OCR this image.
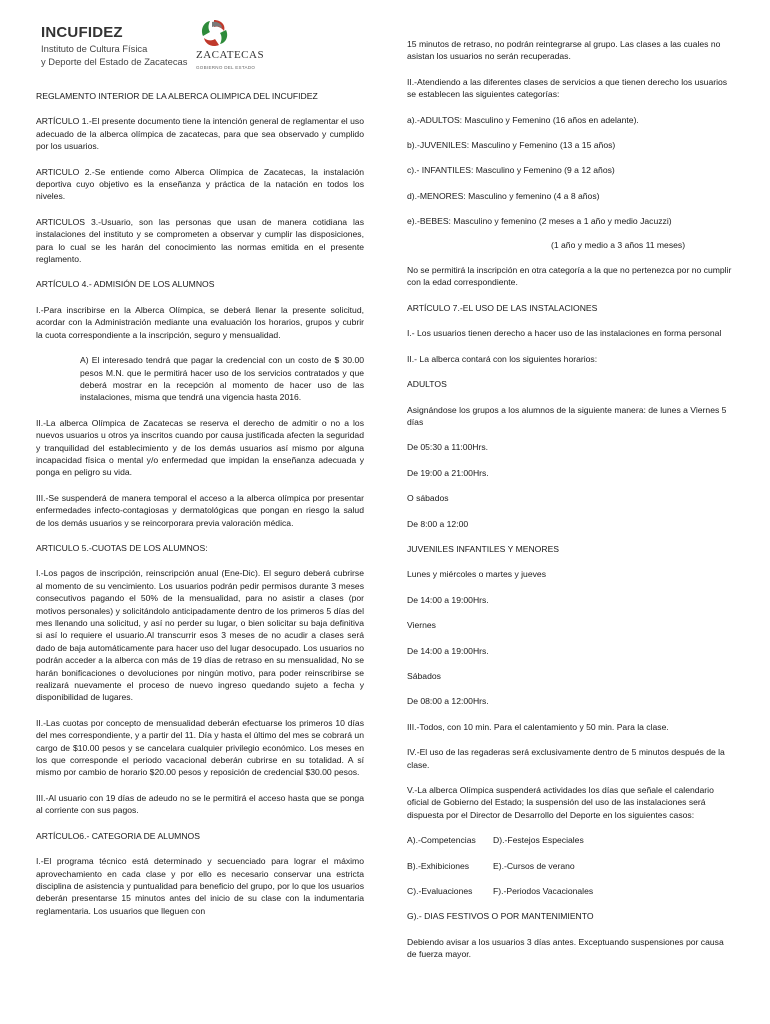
INCUFIDEZ
Instituto de Cultura Física
y Deporte del Estado de Zacatecas
ZACATECAS
GOBIERNO DEL ESTADO

REGLAMENTO INTERIOR DE LA ALBERCA OLIMPICA DEL INCUFIDEZ

ARTÍCULO 1.-El presente documento tiene la intención general de reglamentar el uso adecuado de la alberca olímpica de zacatecas, para que sea observado y cumplido por los usuarios.

ARTICULO 2.-Se entiende como Alberca Olímpica de Zacatecas, la instalación deportiva cuyo objetivo es la enseñanza y práctica de la natación en todos los niveles.

ARTICULOS 3.-Usuario, son las personas que usan de manera cotidiana las instalaciones del instituto y se comprometen a observar y cumplir las disposiciones, para lo cual se les harán del conocimiento las normas emitida en el presente reglamento.

ARTÍCULO 4.- ADMISIÓN DE LOS ALUMNOS

I.-Para inscribirse en la Alberca Olímpica, se deberá llenar la presente solicitud, acordar con la Administración mediante una evaluación los horarios, grupos y cubrir la cuota correspondiente a la inscripción, seguro y mensualidad.

A) El interesado tendrá que pagar la credencial con un costo de $ 30.00 pesos M.N. que le permitirá hacer uso de los servicios contratados y que deberá mostrar en la recepción al momento de hacer uso de las instalaciones, misma que tendrá una vigencia hasta 2016.

II.-La alberca Olímpica de Zacatecas se reserva el derecho de admitir o no a los nuevos usuarios u otros ya inscritos cuando por causa justificada afecten la seguridad y tranquilidad del establecimiento y de los demás usuarios así mismo por alguna incapacidad física o mental y/o enfermedad que impidan la enseñanza adecuada y ponga en peligro su vida.

III.-Se suspenderá de manera temporal el acceso a la alberca olímpica por presentar enfermedades infecto-contagiosas y dermatológicas que pongan en riesgo la salud de los demás usuarios y se reincorporara previa valoración médica.

ARTICULO 5.-CUOTAS DE LOS ALUMNOS:

I.-Los pagos de inscripción, reinscripción anual (Ene-Dic). El seguro deberá cubrirse al momento de su vencimiento. Los usuarios podrán pedir permisos durante 3 meses consecutivos pagando el 50% de la mensualidad, para no asistir a clases (por motivos personales) y solicitándolo anticipadamente dentro de los primeros 5 días del mes llenando una solicitud, y así no perder su lugar, o bien solicitar su baja definitiva si así lo requiere el usuario.Al transcurrir esos 3 meses de no acudir a clases será dado de baja automáticamente para hacer uso del lugar desocupado. Los usuarios no podrán acceder a la alberca con más de 19 días de retraso en su mensualidad, No se harán bonificaciones o devoluciones por ningún motivo, para poder reinscribirse se realizará nuevamente el proceso de nuevo ingreso quedando sujeto a fecha y disponibilidad de lugares.

II.-Las cuotas por concepto de mensualidad deberán efectuarse los primeros 10 días del mes correspondiente, y a partir del 11. Día y hasta el último del mes se cobrará un cargo de $10.00 pesos y se cancelara cualquier privilegio económico. Los meses en los que corresponde el periodo vacacional deberán cubrirse en su totalidad. A sí mismo por cambio de horario $20.00 pesos y reposición de credencial $30.00 pesos.

III.-Al usuario con 19 días de adeudo no se le permitirá el acceso hasta que se ponga al corriente con sus pagos.

ARTÍCULO6.- CATEGORIA DE ALUMNOS

I.-El programa técnico está determinado y secuenciado para lograr el máximo aprovechamiento en cada clase y por ello es necesario conservar una estricta disciplina de asistencia y puntualidad para beneficio del grupo, por lo que los usuarios deberán presentarse 15 minutos antes del inicio de su clase con la indumentaria reglamentaria. Los usuarios que lleguen con

15 minutos de retraso, no podrán reintegrarse al grupo. Las clases a las cuales no asistan los usuarios no serán recuperadas.

II.-Atendiendo a las diferentes clases de servicios a que tienen derecho los usuarios se establecen las siguientes categorías:

a).-ADULTOS: Masculino y Femenino (16 años en adelante).

b).-JUVENILES: Masculino y Femenino (13 a 15 años)

c).- INFANTILES: Masculino y Femenino (9 a 12 años)

d).-MENORES: Masculino y femenino (4 a 8 años)

e).-BEBES: Masculino y femenino (2 meses a 1 año y medio Jacuzzi)

(1 año y medio a 3 años 11 meses)

No se permitirá la inscripción en otra categoría a la que no pertenezca por no cumplir con la edad correspondiente.

ARTÍCULO 7.-EL USO DE LAS INSTALACIONES

I.- Los usuarios tienen derecho a hacer uso de las instalaciones en forma personal

II.- La alberca contará con los siguientes horarios:

ADULTOS

Asignándose los grupos a los alumnos de la siguiente manera: de lunes a Viernes 5 días

De 05:30 a 11:00Hrs.

De 19:00 a 21:00Hrs.

O sábados

De 8:00 a 12:00

JUVENILES INFANTILES Y MENORES

Lunes y miércoles o martes y jueves

De 14:00 a 19:00Hrs.

Viernes

De 14:00 a 19:00Hrs.

Sábados

De 08:00 a 12:00Hrs.

III.-Todos, con 10 min. Para el calentamiento y 50 min. Para la clase.

IV.-El uso de las regaderas será exclusivamente dentro de 5 minutos después de la clase.

V.-La alberca Olímpica suspenderá actividades los días que señale el calendario oficial de Gobierno del Estado; la suspensión del uso de las instalaciones será dispuesta por el Director de Desarrollo del Deporte en los siguientes casos:

A).-Competencias D).-Festejos Especiales

B).-Exhibiciones	E).-Cursos de verano

C).-Evaluaciones F).-Periodos Vacacionales

G).- DIAS FESTIVOS O POR MANTENIMIENTO

Debiendo avisar a los usuarios 3 días antes. Exceptuando suspensiones por causa de fuerza mayor.
